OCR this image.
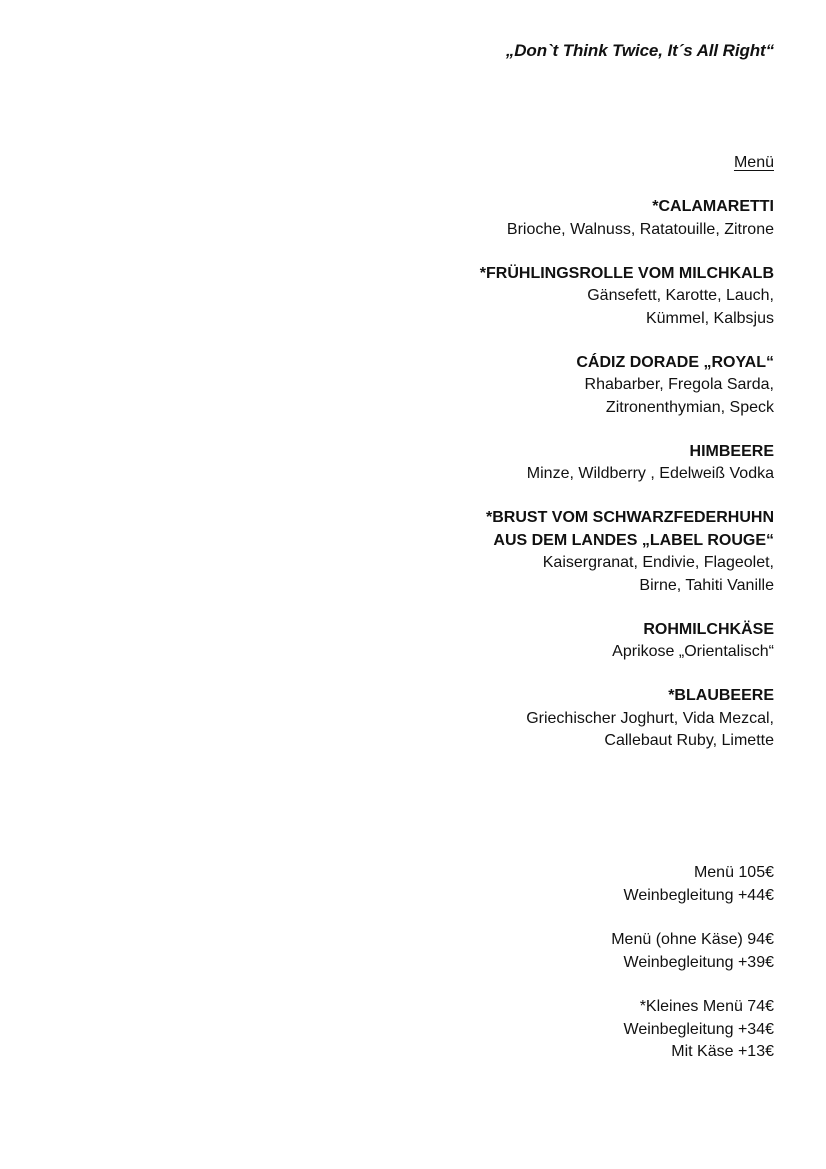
„Don`t Think Twice, It´s All Right“
Menü
*CALAMARETTI
Brioche, Walnuss, Ratatouille, Zitrone
*FRÜHLINGSROLLE VOM MILCHKALB
Gänsefett, Karotte, Lauch,
Kümmel, Kalbsjus
CÁDIZ DORADE „ROYAL“
Rhabarber, Fregola Sarda,
Zitronenthymian, Speck
HIMBEERE
Minze, Wildberry , Edelweiß Vodka
*BRUST VOM SCHWARZFEDERHUHN
AUS DEM LANDES „LABEL ROUGE“
Kaisergranat, Endivie, Flageolet,
Birne, Tahiti Vanille
ROHMILCHKÄSE
Aprikose „Orientalisch“
*BLAUBEERE
Griechischer Joghurt, Vida Mezcal,
Callebaut Ruby, Limette
Menü 105€
Weinbegleitung +44€
Menü (ohne Käse) 94€
Weinbegleitung +39€
*Kleines Menü 74€
Weinbegleitung +34€
Mit Käse +13€
